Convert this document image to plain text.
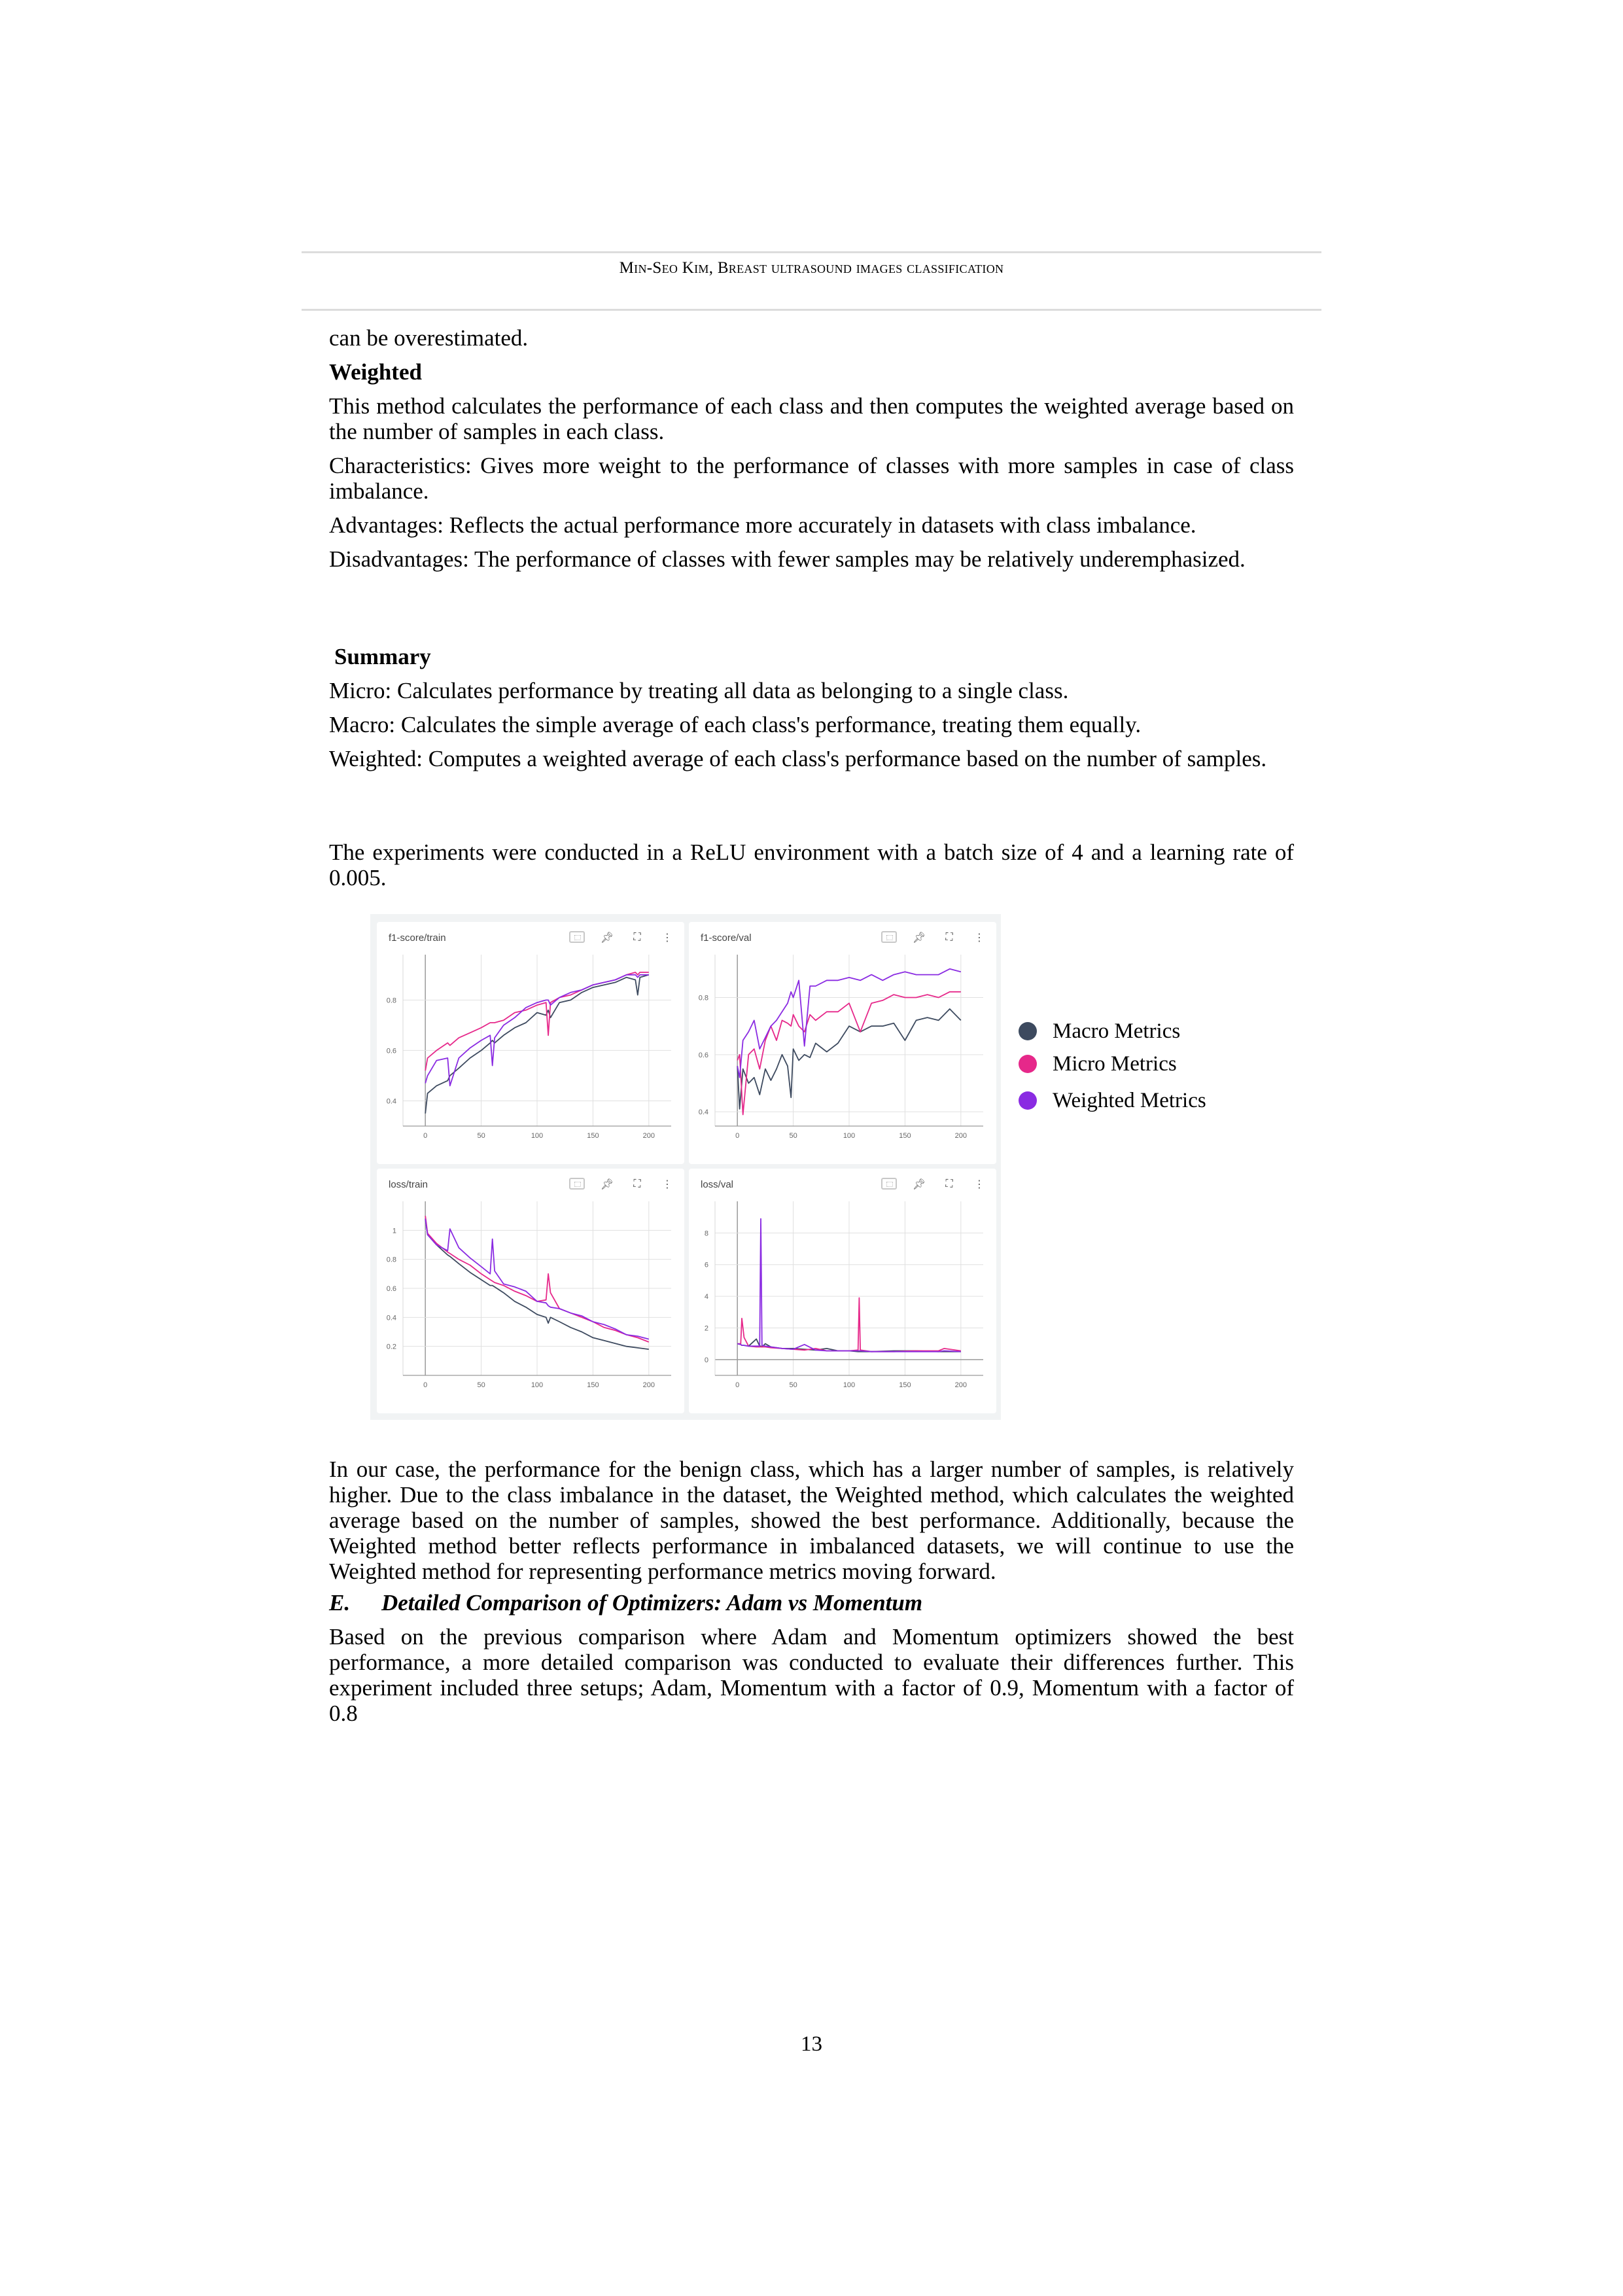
Min-Seo Kim, Breast ultrasound images classification

can be overestimated.

Weighted

This method calculates the performance of each class and then computes the weighted average based on the number of samples in each class.

Characteristics: Gives more weight to the performance of classes with more samples in case of class imbalance.

Advantages: Reflects the actual performance more accurately in datasets with class imbalance.

Disadvantages: The performance of classes with fewer samples may be relatively underemphasized.

Summary

Micro: Calculates performance by treating all data as belonging to a single class.

Macro: Calculates the simple average of each class's performance, treating them equally.

Weighted: Computes a weighted average of each class's performance based on the number of samples.

The experiments were conducted in a ReLU environment with a batch size of 4 and a learning rate of 0.005.

f1-score/train	📌︎	⛶	⋮
0	50	100	150	200
0.4
0.6
0.8
f1-score/val	📌︎	⛶	⋮
0	50	100	150	200
0.4
0.6
0.8
loss/train	📌︎	⛶	⋮
0	50	100	150	200
0.2
0.4
0.6
0.8
1
loss/val	📌︎	⛶	⋮
0	50	100	150	200
0
2
4
6
8
Macro Metrics
Micro Metrics
Weighted Metrics

In our case, the performance for the benign class, which has a larger number of samples, is relatively higher. Due to the class imbalance in the dataset, the Weighted method, which calculates the weighted average based on the number of samples, showed the best performance. Additionally, because the Weighted method better reflects performance in imbalanced datasets, we will continue to use the Weighted method for representing performance metrics moving forward.

E. Detailed Comparison of Optimizers: Adam vs Momentum

Based on the previous comparison where Adam and Momentum optimizers showed the best performance, a more detailed comparison was conducted to evaluate their differences further. This experiment included three setups; Adam, Momentum with a factor of 0.9, Momentum with a factor of 0.8

13
